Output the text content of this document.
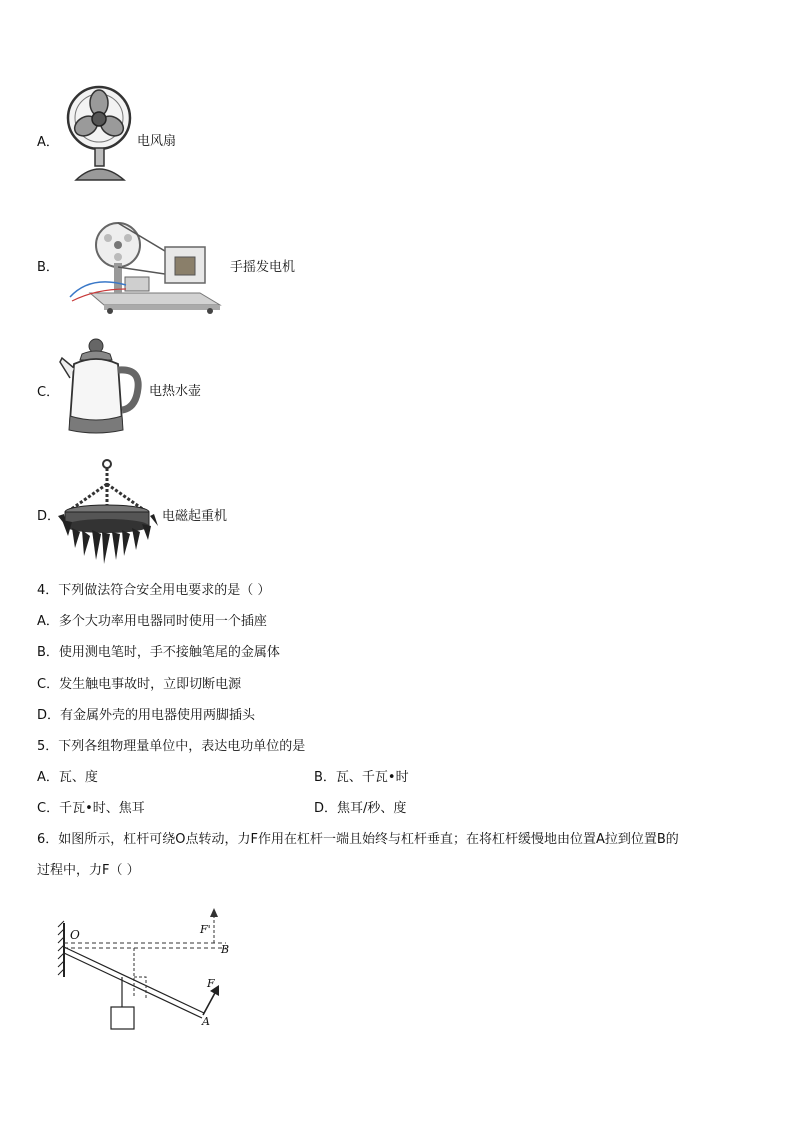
A．	电风扇
B．	手摇发电机
C．	电热水壶
D．	电磁起重机
4．下列做法符合安全用电要求的是（ ）
A．多个大功率用电器同时使用一个插座
B．使用测电笔时，手不接触笔尾的金属体
C．发生触电事故时，立即切断电源
D．有金属外壳的用电器使用两脚插头
5．下列各组物理量单位中，表达电功单位的是
A．瓦、度	B．瓦、千瓦•时
C．千瓦•时、焦耳	D．焦耳/秒、度
6．如图所示，杠杆可绕O点转动，力F作用在杠杆一端且始终与杠杆垂直；在将杠杆缓慢地由位置A拉到位置B的
过程中，力F（ ）
O
B
A
F
F'
